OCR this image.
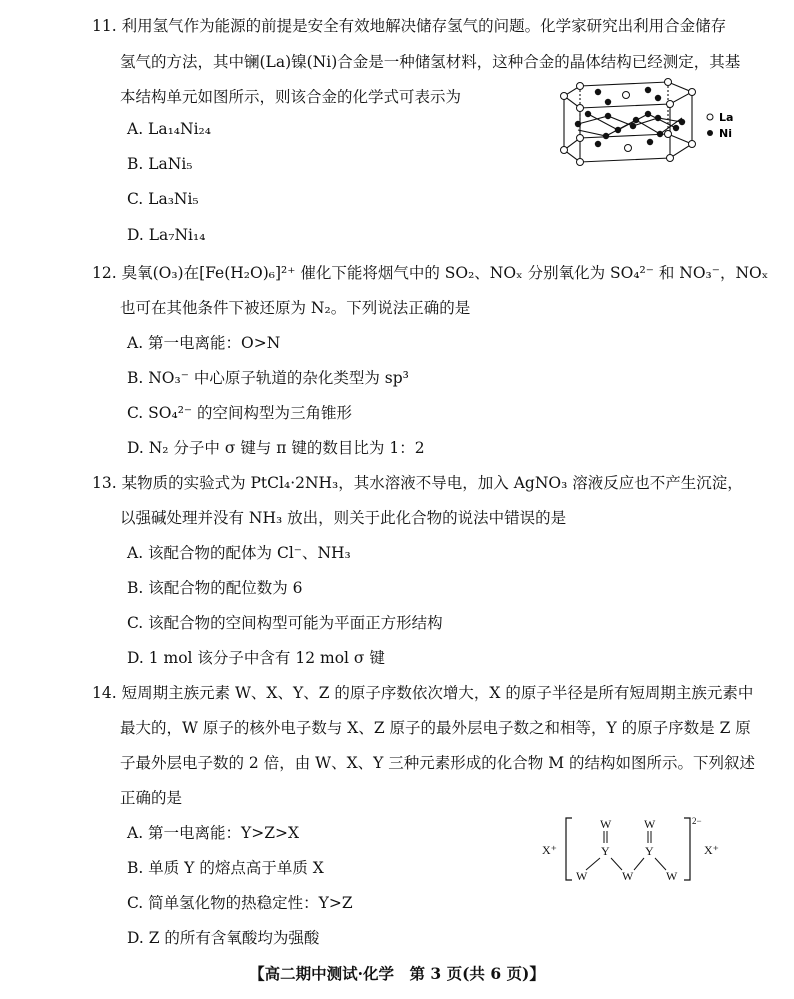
11. 利用氢气作为能源的前提是安全有效地解决储存氢气的问题。化学家研究出利用合金储存
氢气的方法，其中镧(La)镍(Ni)合金是一种储氢材料，这种合金的晶体结构已经测定，其基
本结构单元如图所示，则该合金的化学式可表示为
A. La₁₄Ni₂₄
B. LaNi₅
C. La₃Ni₅
D. La₇Ni₁₄
La
Ni
12. 臭氧(O₃)在[Fe(H₂O)₆]²⁺ 催化下能将烟气中的 SO₂、NOₓ 分别氧化为 SO₄²⁻ 和 NO₃⁻，NOₓ
也可在其他条件下被还原为 N₂。下列说法正确的是
A. 第一电离能：O>N
B. NO₃⁻ 中心原子轨道的杂化类型为 sp³
C. SO₄²⁻ 的空间构型为三角锥形
D. N₂ 分子中 σ 键与 π 键的数目比为 1：2
13. 某物质的实验式为 PtCl₄·2NH₃，其水溶液不导电，加入 AgNO₃ 溶液反应也不产生沉淀，
以强碱处理并没有 NH₃ 放出，则关于此化合物的说法中错误的是
A. 该配合物的配体为 Cl⁻、NH₃
B. 该配合物的配位数为 6
C. 该配合物的空间构型可能为平面正方形结构
D. 1 mol 该分子中含有 12 mol σ 键
14. 短周期主族元素 W、X、Y、Z 的原子序数依次增大，X 的原子半径是所有短周期主族元素中
最大的，W 原子的核外电子数与 X、Z 原子的最外层电子数之和相等，Y 的原子序数是 Z 原
子最外层电子数的 2 倍，由 W、X、Y 三种元素形成的化合物 M 的结构如图所示。下列叙述
正确的是
A. 第一电离能：Y>Z>X
B. 单质 Y 的熔点高于单质 X
C. 简单氢化物的热稳定性：Y>Z
D. Z 的所有含氧酸均为强酸
X⁺
2−
X⁺
W	W
Y	Y
W	W	W
【高二期中测试·化学　第 3 页(共 6 页)】
